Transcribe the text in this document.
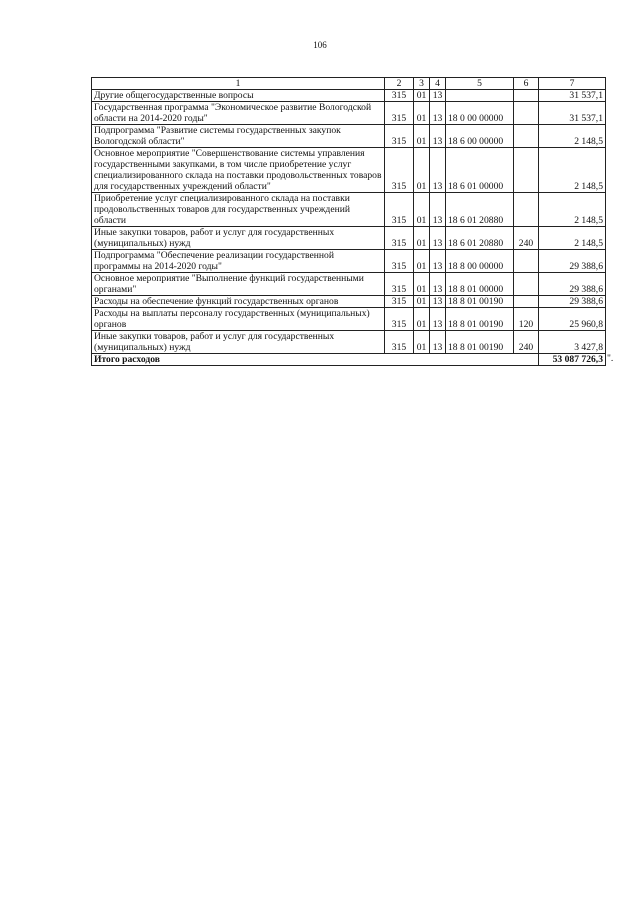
106
1	2	3	4	5	6	7
Другие общегосударственные вопросы	315	01	13			31 537,1
Государственная программа "Экономическое развитие Вологодской области на 2014-2020 годы"	315	01	13	18 0 00 00000		31 537,1
Подпрограмма "Развитие системы государственных закупок Вологодской области"	315	01	13	18 6 00 00000		2 148,5
Основное мероприятие "Совершенствование системы управления государственными закупками, в том числе приобретение услуг специализированного склада на поставки продовольственных товаров для государственных учреждений области"	315	01	13	18 6 01 00000		2 148,5
Приобретение услуг специализированного склада на поставки продовольственных товаров для государственных учреждений области	315	01	13	18 6 01 20880		2 148,5
Иные закупки товаров, работ и услуг для государственных (муниципальных) нужд	315	01	13	18 6 01 20880	240	2 148,5
Подпрограмма "Обеспечение реализации государственной программы на 2014-2020 годы"	315	01	13	18 8 00 00000		29 388,6
Основное мероприятие "Выполнение функций государственными органами"	315	01	13	18 8 01 00000		29 388,6
Расходы на обеспечение функций государственных органов	315	01	13	18 8 01 00190		29 388,6
Расходы на выплаты персоналу государственных (муниципальных) органов	315	01	13	18 8 01 00190	120	25 960,8
Иные закупки товаров, работ и услуг для государственных (муниципальных) нужд	315	01	13	18 8 01 00190	240	3 427,8
Итого расходов						53 087 726,3 ".
